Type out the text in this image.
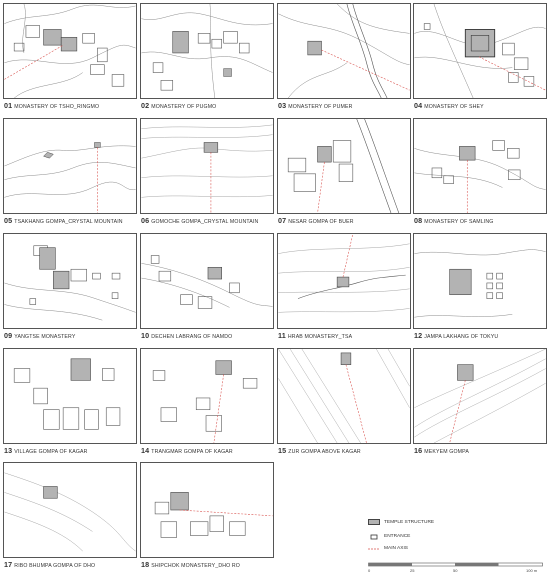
01 MONASTERY OF TSHO_RINGMO	02 MONASTERY OF PUGMO	03 MONASTERY OF PUMER	04 MONASTERY OF SHEY
05 TSAKHANG GOMPA_CRYSTAL MOUNTAIN	06 GOMOCHE GOMPA_CRYSTAL MOUNTAIN	07 NESAR GOMPA OF BUER	08 MONASTERY OF SAMLING
09 YANGTSE MONASTERY	10 DECHEN LABRANG OF NAMDO	11 HRAB MONASTERY_TSA	12 JAMPA LAKHANG OF TOKYU
13 VILLAGE GOMPA OF KAGAR	14 TRANGMAR GOMPA OF KAGAR	15 ZUR GOMPA ABOVE KAGAR	16 MEKYEM GOMPA
17 RIBO BHUMPA GOMPA OF DHO	18 SHIPCHOK MONASTERY_DHO RO
TEMPLE STRUCTURE
ENTRANCE
MAIN AXIS
0	25	50	100 m
